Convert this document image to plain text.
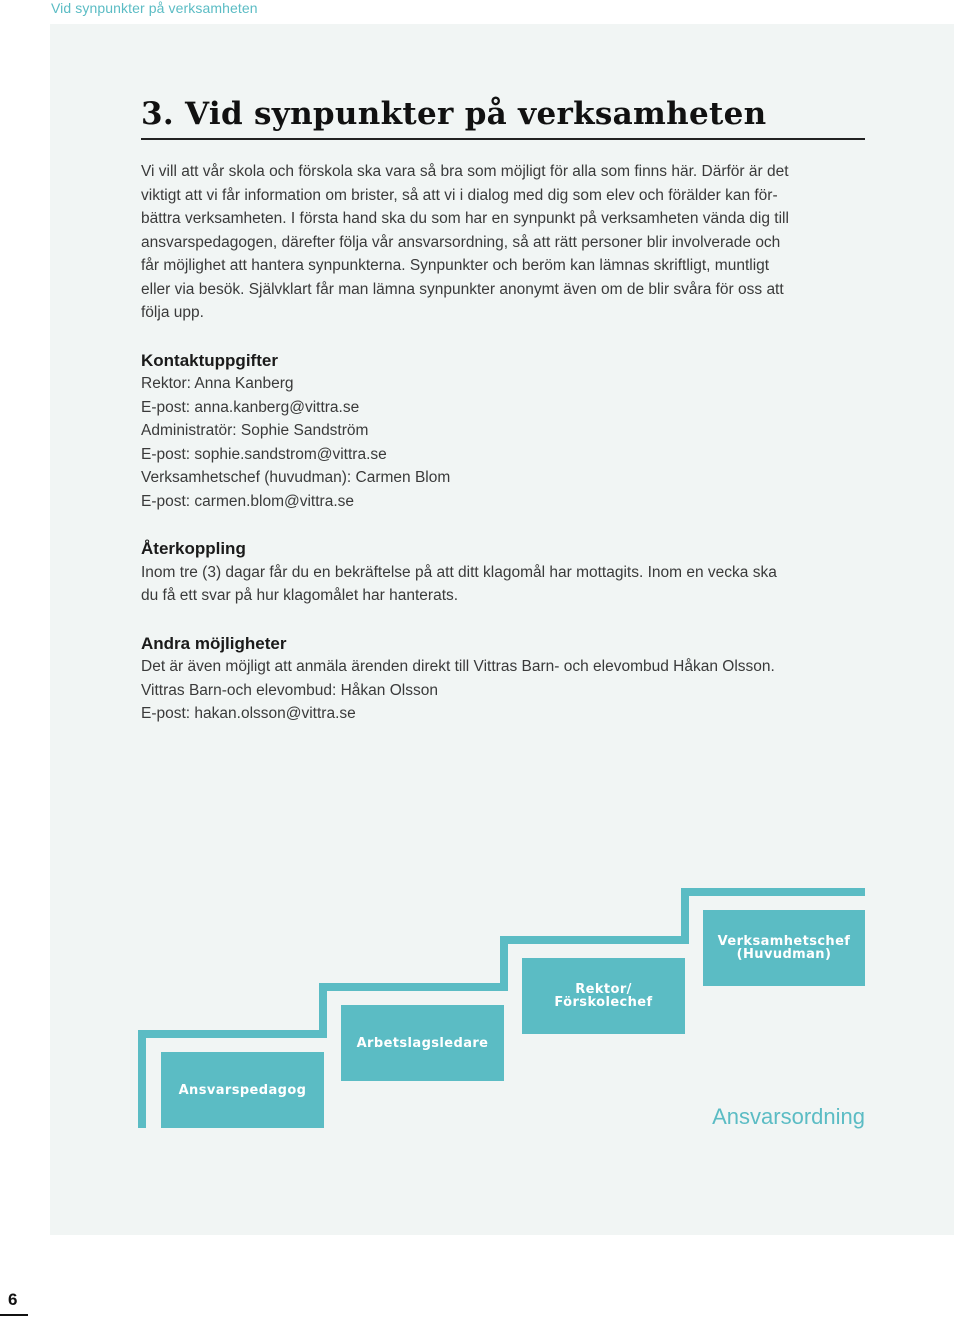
Vid synpunkter på verksamheten
3. Vid synpunkter på verksamheten
Vi vill att vår skola och förskola ska vara så bra som möjligt för alla som finns här. Därför är det
viktigt att vi får information om brister, så att vi i dialog med dig som elev och förälder kan för-
bättra verksamheten. I första hand ska du som har en synpunkt på verksamheten vända dig till
ansvarspedagogen, därefter följa vår ansvarsordning, så att rätt personer blir involverade och
får möjlighet att hantera synpunkterna. Synpunkter och beröm kan lämnas skriftligt, muntligt
eller via besök. Självklart får man lämna synpunkter anonymt även om de blir svåra för oss att
följa upp.
Kontaktuppgifter
Rektor: Anna Kanberg
E-post: anna.kanberg@vittra.se
Administratör: Sophie Sandström
E-post: sophie.sandstrom@vittra.se
Verksamhetschef (huvudman): Carmen Blom
E-post: carmen.blom@vittra.se
Återkoppling
Inom tre (3) dagar får du en bekräftelse på att ditt klagomål har mottagits. Inom en vecka ska
du få ett svar på hur klagomålet har hanterats.
Andra möjligheter
Det är även möjligt att anmäla ärenden direkt till Vittras Barn- och elevombud Håkan Olsson.
Vittras Barn-och elevombud: Håkan Olsson
E-post: hakan.olsson@vittra.se
Ansvarspedagog
Arbetslagsledare
Rektor/
Förskolechef
Verksamhetschef
(Huvudman)
Ansvarsordning
6
